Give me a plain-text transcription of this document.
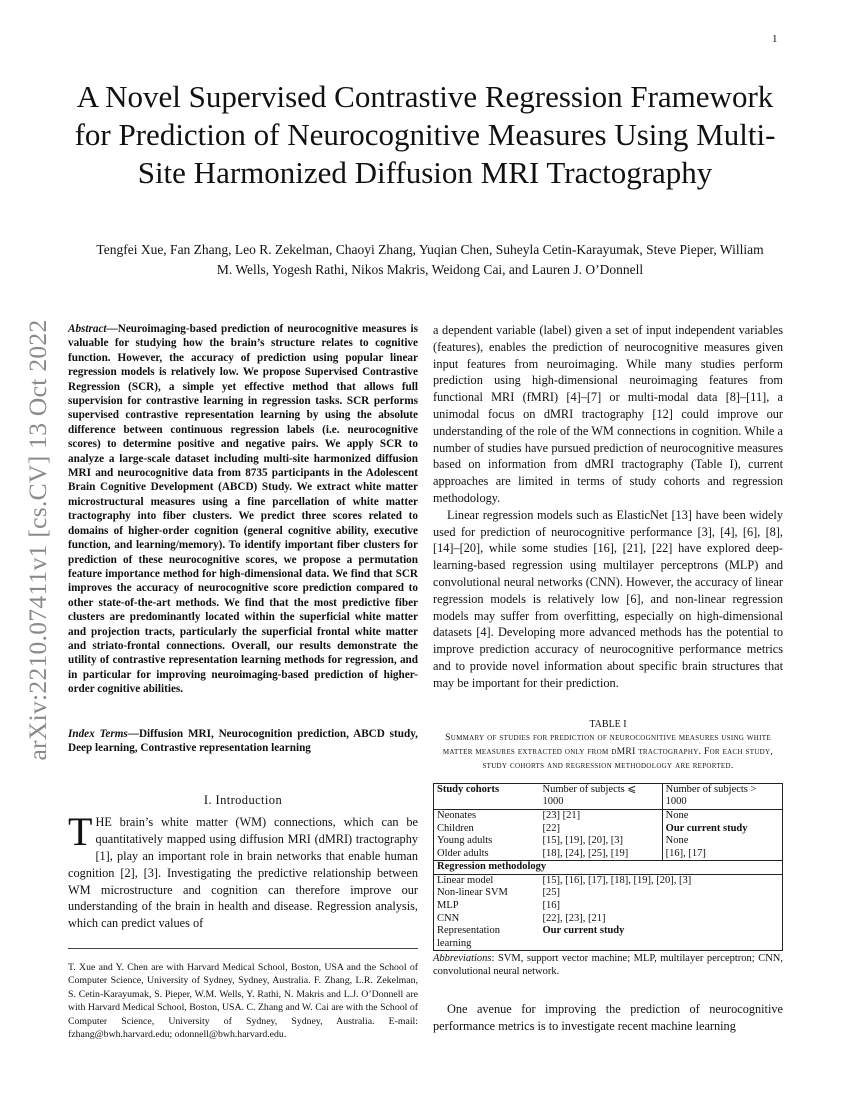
1
arXiv:2210.07411v1 [cs.CV] 13 Oct 2022
A Novel Supervised Contrastive Regression Framework for Prediction of Neurocognitive Measures Using Multi-Site Harmonized Diffusion MRI Tractography
Tengfei Xue, Fan Zhang, Leo R. Zekelman, Chaoyi Zhang, Yuqian Chen, Suheyla Cetin-Karayumak, Steve Pieper, William M. Wells, Yogesh Rathi, Nikos Makris, Weidong Cai, and Lauren J. O’Donnell

Abstract—Neuroimaging-based prediction of neurocognitive measures is valuable for studying how the brain’s structure relates to cognitive function. However, the accuracy of prediction using popular linear regression models is relatively low. We propose Supervised Contrastive Regression (SCR), a simple yet effective method that allows full supervision for contrastive learning in regression tasks. SCR performs supervised contrastive representation learning by using the absolute difference between continuous regression labels (i.e. neurocognitive scores) to determine positive and negative pairs. We apply SCR to analyze a large-scale dataset including multi-site harmonized diffusion MRI and neurocognitive data from 8735 participants in the Adolescent Brain Cognitive Development (ABCD) Study. We extract white matter microstructural measures using a fine parcellation of white matter tractography into fiber clusters. We predict three scores related to domains of higher-order cognition (general cognitive ability, executive function, and learning/memory). To identify important fiber clusters for prediction of these neurocognitive scores, we propose a permutation feature importance method for high-dimensional data. We find that SCR improves the accuracy of neurocognitive score prediction compared to other state-of-the-art methods. We find that the most predictive fiber clusters are predominantly located within the superficial white matter and projection tracts, particularly the superficial frontal white matter and striato-frontal connections. Overall, our results demonstrate the utility of contrastive representation learning methods for regression, and in particular for improving neuroimaging-based prediction of higher-order cognitive abilities.

Index Terms—Diffusion MRI, Neurocognition prediction, ABCD study, Deep learning, Contrastive representation learning

I. Introduction

THE brain’s white matter (WM) connections, which can be quantitatively mapped using diffusion MRI (dMRI) tractography [1], play an important role in brain networks that enable human cognition [2], [3]. Investigating the predictive relationship between WM microstructure and cognition can therefore improve our understanding of the brain in health and disease. Regression analysis, which can predict values of

T. Xue and Y. Chen are with Harvard Medical School, Boston, USA and the School of Computer Science, University of Sydney, Sydney, Australia. F. Zhang, L.R. Zekelman, S. Cetin-Karayumak, S. Pieper, W.M. Wells, Y. Rathi, N. Makris and L.J. O’Donnell are with Harvard Medical School, Boston, USA. C. Zhang and W. Cai are with the School of Computer Science, University of Sydney, Sydney, Australia. E-mail: fzhang@bwh.harvard.edu; odonnell@bwh.harvard.edu.

a dependent variable (label) given a set of input independent variables (features), enables the prediction of neurocognitive measures given input features from neuroimaging. While many studies perform prediction using high-dimensional neuroimaging features from functional MRI (fMRI) [4]–[7] or multi-modal data [8]–[11], a unimodal focus on dMRI tractography [12] could improve our understanding of the role of the WM connections in cognition. While a number of studies have pursued prediction of neurocognitive measures based on information from dMRI tractography (Table I), current approaches are limited in terms of study cohorts and regression methodology.

Linear regression models such as ElasticNet [13] have been widely used for prediction of neurocognitive performance [3], [4], [6], [8], [14]–[20], while some studies [16], [21], [22] have explored deep-learning-based regression using multilayer perceptrons (MLP) and convolutional neural networks (CNN). However, the accuracy of linear regression models is relatively low [6], and non-linear regression models may suffer from overfitting, especially on high-dimensional datasets [4]. Developing more advanced methods has the potential to improve prediction accuracy of neurocognitive performance metrics and to provide novel information about specific brain structures that may be important for their prediction.

TABLE I
Summary of studies for prediction of neurocognitive measures using white matter measures extracted only from dMRI tractography. For each study, study cohorts and regression methodology are reported.
Study cohorts	Number of subjects ⩽ 1000	Number of subjects > 1000
Neonates	[23] [21]	None
Children	[22]	Our current study
Young adults	[15], [19], [20], [3]	None
Older adults	[18], [24], [25], [19]	[16], [17]
Regression methodology		
Linear model	[15], [16], [17], [18], [19], [20], [3]	
Non-linear SVM	[25]	
MLP	[16]	
CNN	[22], [23], [21]	
Representation learning	Our current study	

Abbreviations: SVM, support vector machine; MLP, multilayer perceptron; CNN, convolutional neural network.

One avenue for improving the prediction of neurocognitive performance metrics is to investigate recent machine learning
